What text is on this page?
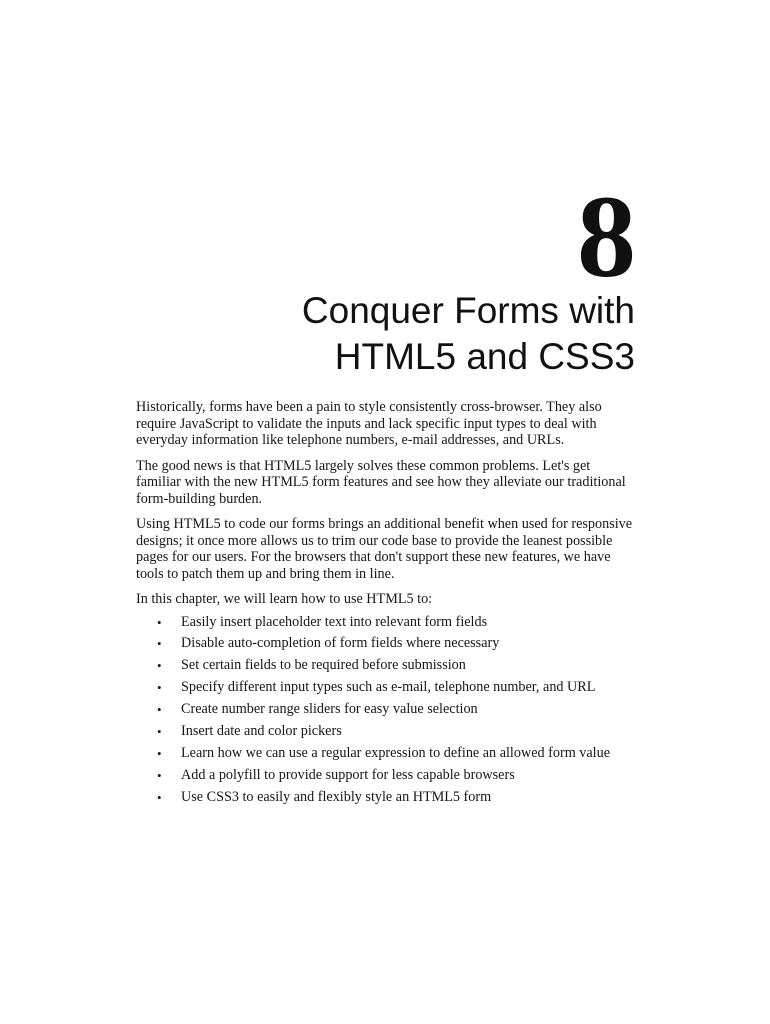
8
Conquer Forms with
HTML5 and CSS3

Historically, forms have been a pain to style consistently cross-browser. They also require JavaScript to validate the inputs and lack specific input types to deal with everyday information like telephone numbers, e-mail addresses, and URLs.

The good news is that HTML5 largely solves these common problems. Let's get familiar with the new HTML5 form features and see how they alleviate our traditional form-building burden.

Using HTML5 to code our forms brings an additional benefit when used for responsive designs; it once more allows us to trim our code base to provide the leanest possible pages for our users. For the browsers that don't support these new features, we have tools to patch them up and bring them in line.

In this chapter, we will learn how to use HTML5 to:

• Easily insert placeholder text into relevant form fields
• Disable auto-completion of form fields where necessary
• Set certain fields to be required before submission
• Specify different input types such as e-mail, telephone number, and URL
• Create number range sliders for easy value selection
• Insert date and color pickers
• Learn how we can use a regular expression to define an allowed form value
• Add a polyfill to provide support for less capable browsers
• Use CSS3 to easily and flexibly style an HTML5 form
